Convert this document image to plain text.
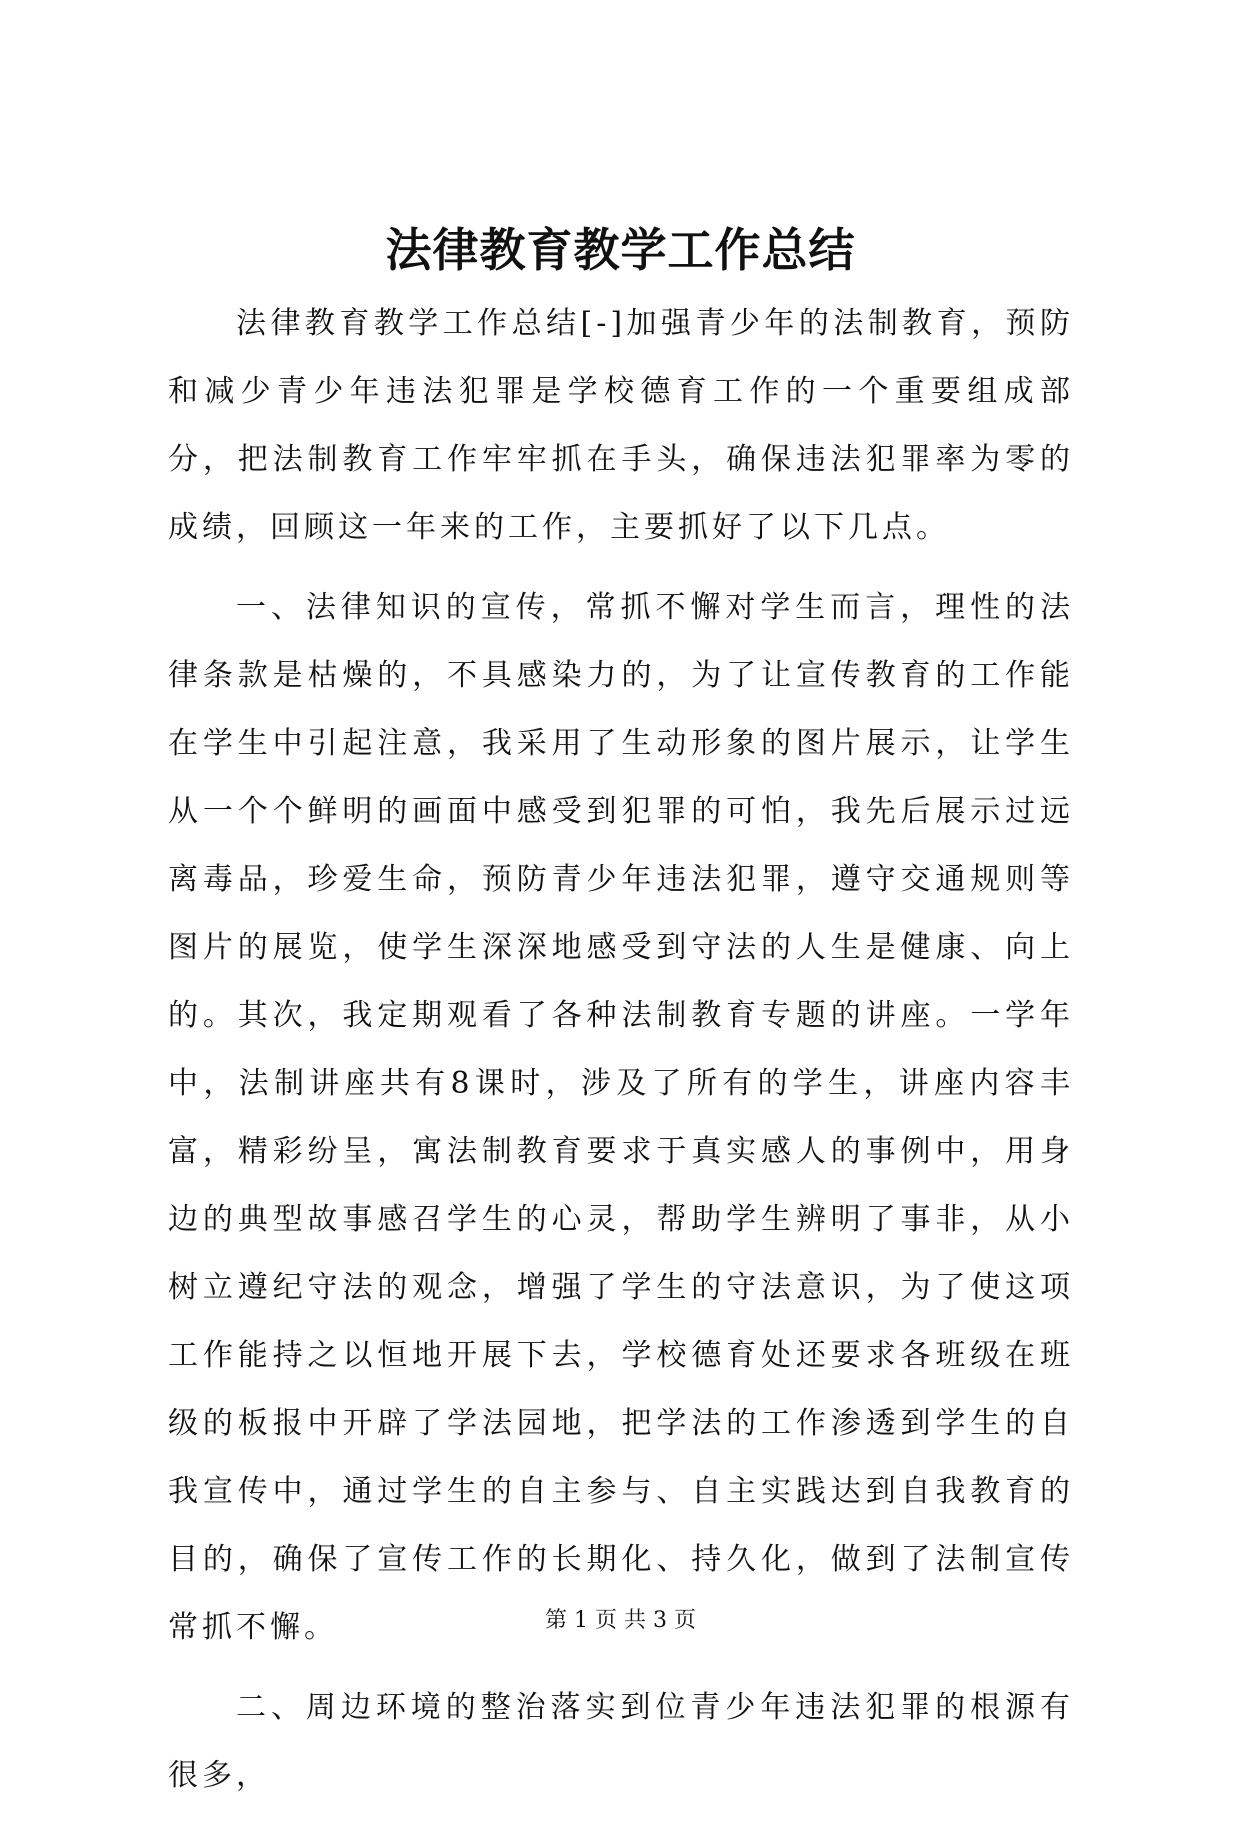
法律教育教学工作总结

法律教育教学工作总结[-]加强青少年的法制教育，预防和减少青少年违法犯罪是学校德育工作的一个重要组成部分，把法制教育工作牢牢抓在手头，确保违法犯罪率为零的成绩，回顾这一年来的工作，主要抓好了以下几点。

一、法律知识的宣传，常抓不懈对学生而言，理性的法律条款是枯燥的，不具感染力的，为了让宣传教育的工作能在学生中引起注意，我采用了生动形象的图片展示，让学生从一个个鲜明的画面中感受到犯罪的可怕，我先后展示过远离毒品，珍爱生命，预防青少年违法犯罪，遵守交通规则等图片的展览，使学生深深地感受到守法的人生是健康、向上的。其次，我定期观看了各种法制教育专题的讲座。一学年中，法制讲座共有8课时，涉及了所有的学生，讲座内容丰富，精彩纷呈，寓法制教育要求于真实感人的事例中，用身边的典型故事感召学生的心灵，帮助学生辨明了事非，从小树立遵纪守法的观念，增强了学生的守法意识，为了使这项工作能持之以恒地开展下去，学校德育处还要求各班级在班级的板报中开辟了学法园地，把学法的工作渗透到学生的自我宣传中，通过学生的自主参与、自主实践达到自我教育的目的，确保了宣传工作的长期化、持久化，做到了法制宣传常抓不懈。

二、周边环境的整治落实到位青少年违法犯罪的根源有很多，

第 1 页 共 3 页
